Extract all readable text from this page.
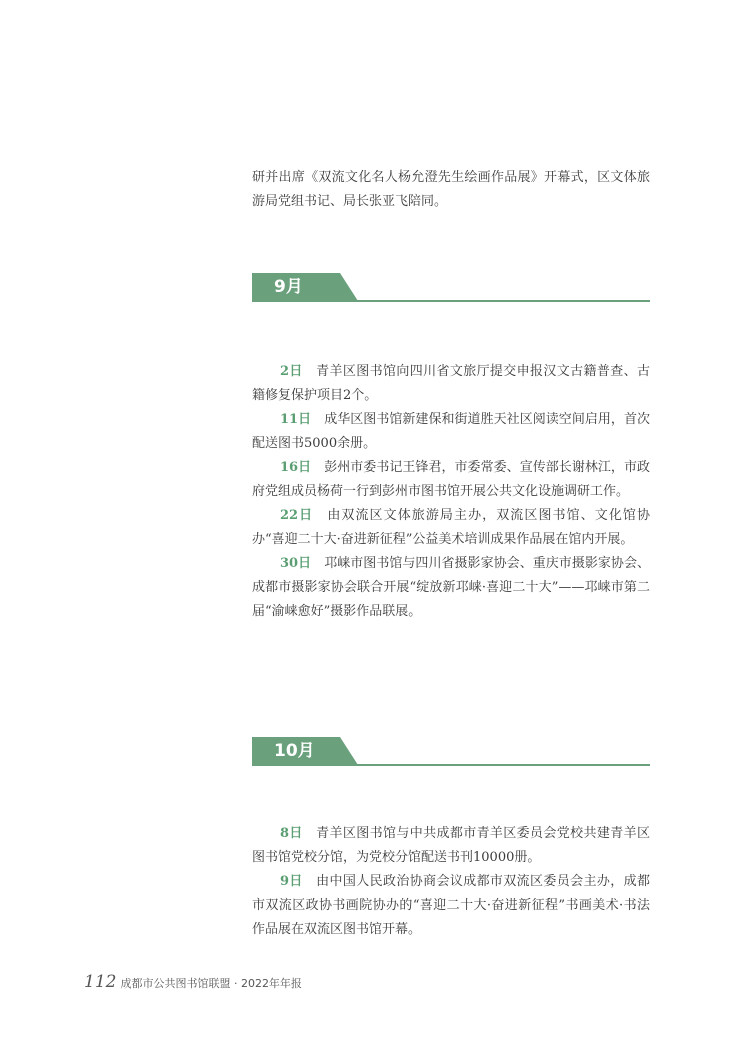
研并出席《双流文化名人杨允澄先生绘画作品展》开幕式，区文体旅游局党组书记、局长张亚飞陪同。

9月

2日　 青羊区图书馆向四川省文旅厅提交申报汉文古籍普查、古籍修复保护项目2个。

11日　 成华区图书馆新建保和街道胜天社区阅读空间启用，首次配送图书5000余册。

16日　 彭州市委书记王锋君，市委常委、宣传部长谢林江，市政府党组成员杨荷一行到彭州市图书馆开展公共文化设施调研工作。

22日　 由双流区文体旅游局主办，双流区图书馆、文化馆协办“喜迎二十大·奋进新征程”公益美术培训成果作品展在馆内开展。

30日　 邛崃市图书馆与四川省摄影家协会、重庆市摄影家协会、成都市摄影家协会联合开展“绽放新邛崃·喜迎二十大”——邛崃市第二届“渝崃愈好”摄影作品联展。

10月

8日　 青羊区图书馆与中共成都市青羊区委员会党校共建青羊区图书馆党校分馆，为党校分馆配送书刊10000册。

9日　 由中国人民政治协商会议成都市双流区委员会主办，成都市双流区政协书画院协办的“喜迎二十大·奋进新征程”书画美术·书法作品展在双流区图书馆开幕。

112 成都市公共图书馆联盟 · 2022年年报
